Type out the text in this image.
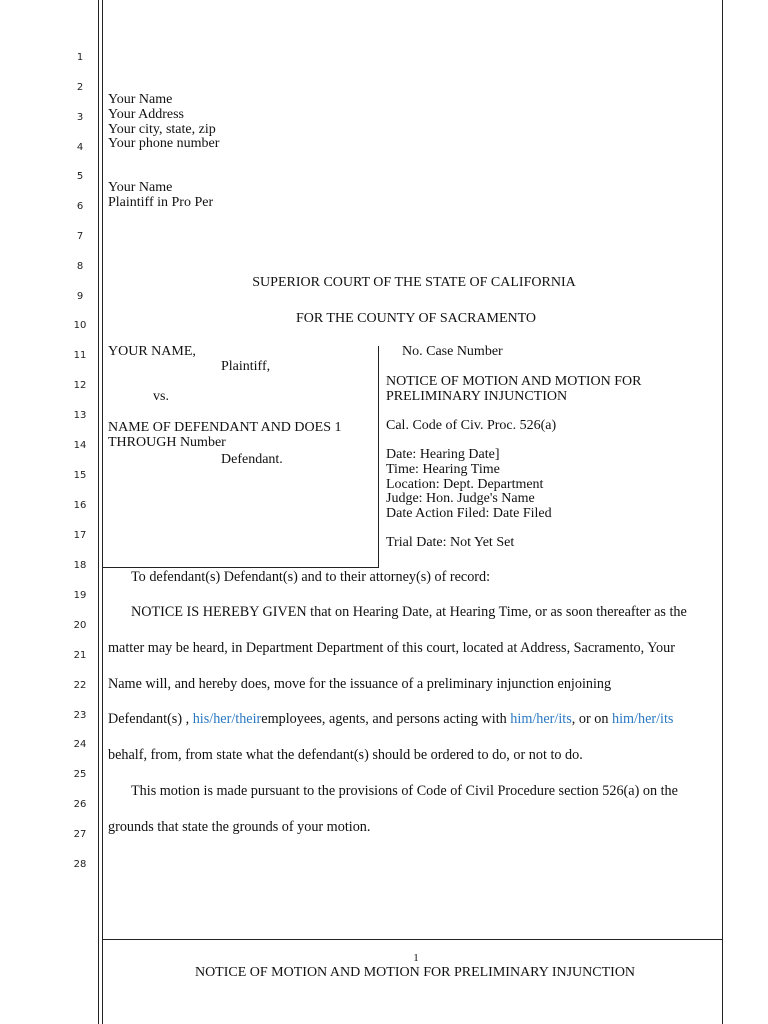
1
2
3
4
5
6
7
8
9
10
11
12
13
14
15
16
17
18
19
20
21
22
23
24
25
26
27
28
Your Name
Your Address
Your city, state, zip
Your phone number
Your Name
Plaintiff in Pro Per
SUPERIOR COURT OF THE STATE OF CALIFORNIA
FOR THE COUNTY OF SACRAMENTO
YOUR NAME,
Plaintiff,
vs.
NAME OF DEFENDANT AND DOES 1
THROUGH Number
Defendant.
No. Case Number
NOTICE OF MOTION AND MOTION FOR
PRELIMINARY INJUNCTION
Cal. Code of Civ. Proc. 526(a)
Date: Hearing Date]
Time: Hearing Time
Location: Dept. Department
Judge: Hon. Judge's Name
Date Action Filed: Date Filed
Trial Date: Not Yet Set
To defendant(s) Defendant(s) and to their attorney(s) of record:
NOTICE IS HEREBY GIVEN that on Hearing Date, at Hearing Time, or as soon thereafter as the
matter may be heard, in Department Department of this court, located at Address, Sacramento, Your
Name will, and hereby does, move for the issuance of a preliminary injunction enjoining
Defendant(s) , his/her/theiremployees, agents, and persons acting with him/her/its, or on him/her/its
behalf, from, from state what the defendant(s) should be ordered to do, or not to do.
This motion is made pursuant to the provisions of Code of Civil Procedure section 526(a) on the
grounds that state the grounds of your motion.
1
NOTICE OF MOTION AND MOTION FOR PRELIMINARY INJUNCTION
